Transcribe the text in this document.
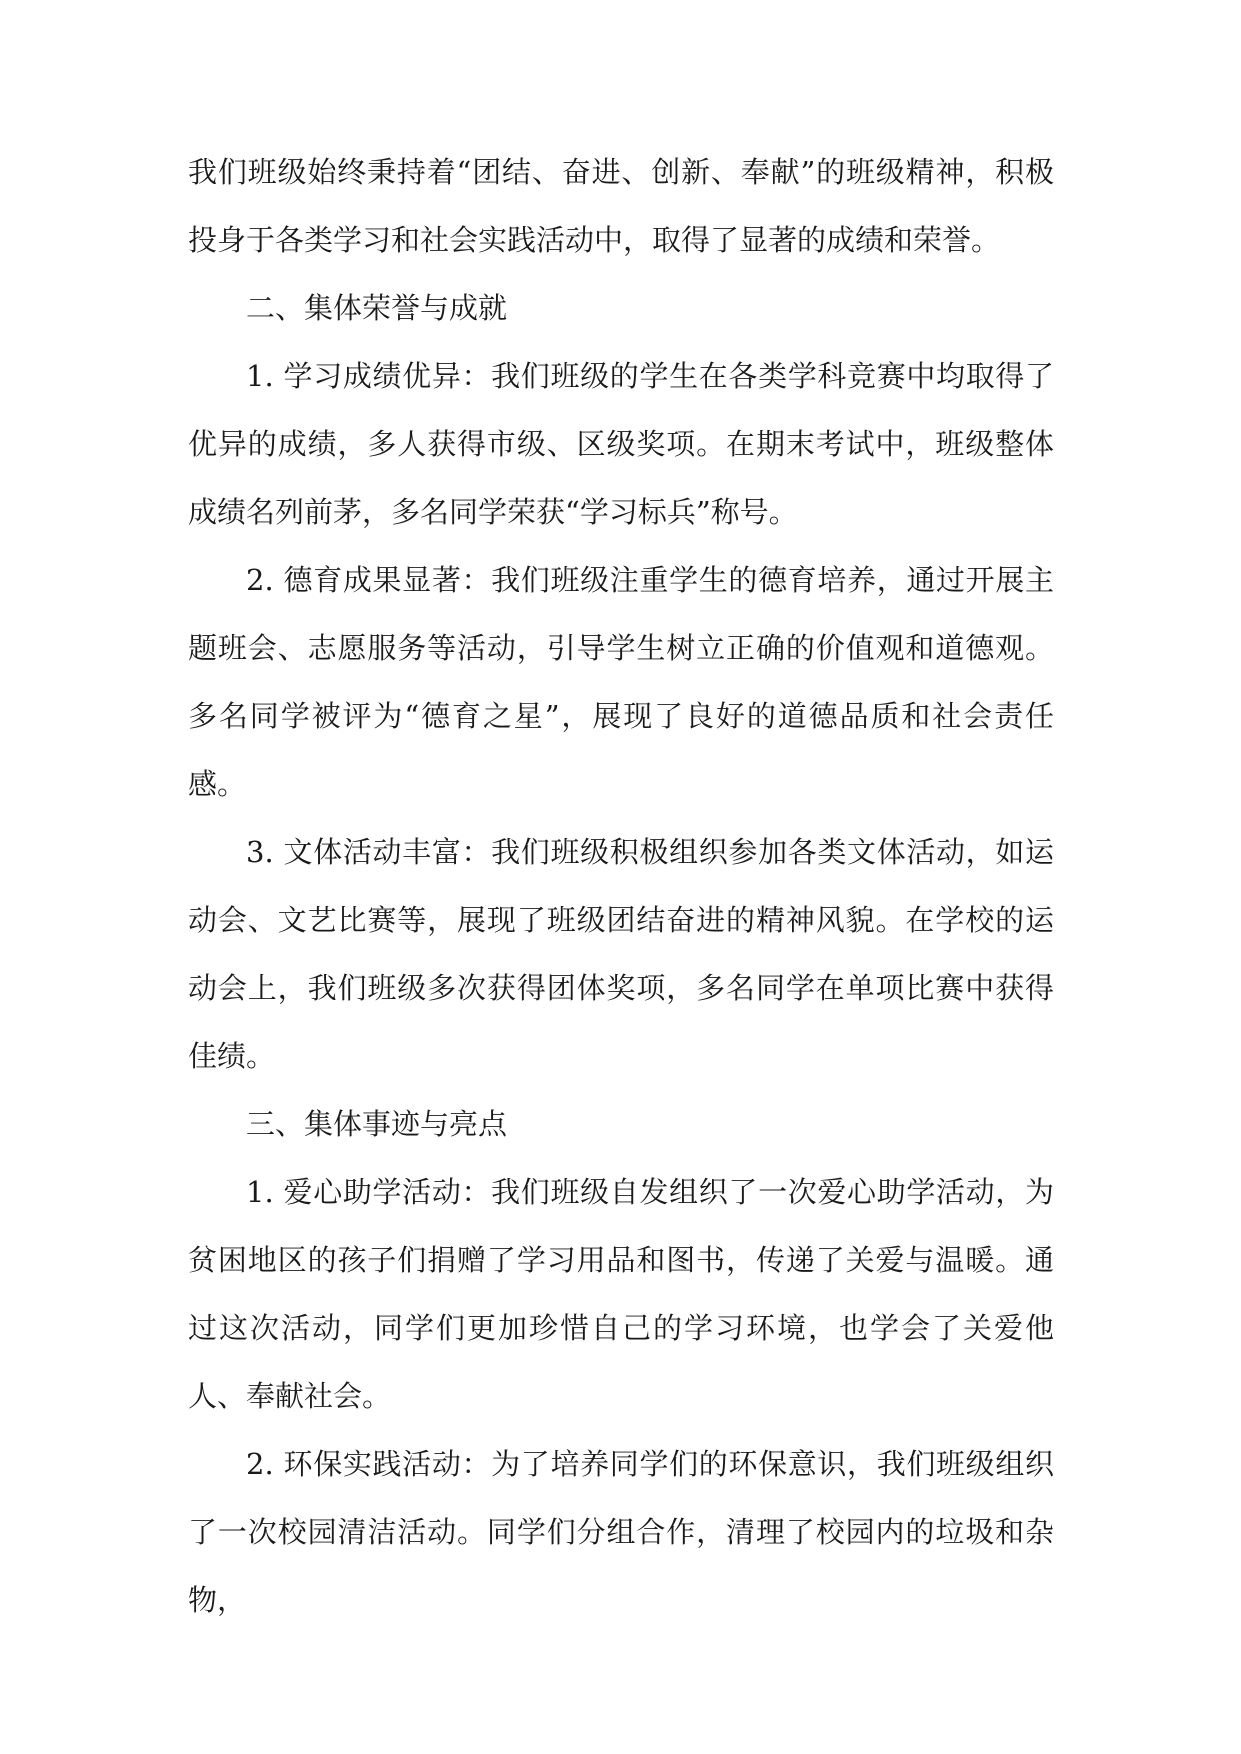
我们班级始终秉持着“团结、奋进、创新、奉献”的班级精神，积极投身于各类学习和社会实践活动中，取得了显著的成绩和荣誉。

二、集体荣誉与成就

1. 学习成绩优异：我们班级的学生在各类学科竞赛中均取得了优异的成绩，多人获得市级、区级奖项。在期末考试中，班级整体成绩名列前茅，多名同学荣获“学习标兵”称号。

2. 德育成果显著：我们班级注重学生的德育培养，通过开展主题班会、志愿服务等活动，引导学生树立正确的价值观和道德观。多名同学被评为“德育之星”，展现了良好的道德品质和社会责任感。

3. 文体活动丰富：我们班级积极组织参加各类文体活动，如运动会、文艺比赛等，展现了班级团结奋进的精神风貌。在学校的运动会上，我们班级多次获得团体奖项，多名同学在单项比赛中获得佳绩。

三、集体事迹与亮点

1. 爱心助学活动：我们班级自发组织了一次爱心助学活动，为贫困地区的孩子们捐赠了学习用品和图书，传递了关爱与温暖。通过这次活动，同学们更加珍惜自己的学习环境，也学会了关爱他人、奉献社会。

2. 环保实践活动：为了培养同学们的环保意识，我们班级组织了一次校园清洁活动。同学们分组合作，清理了校园内的垃圾和杂物，
